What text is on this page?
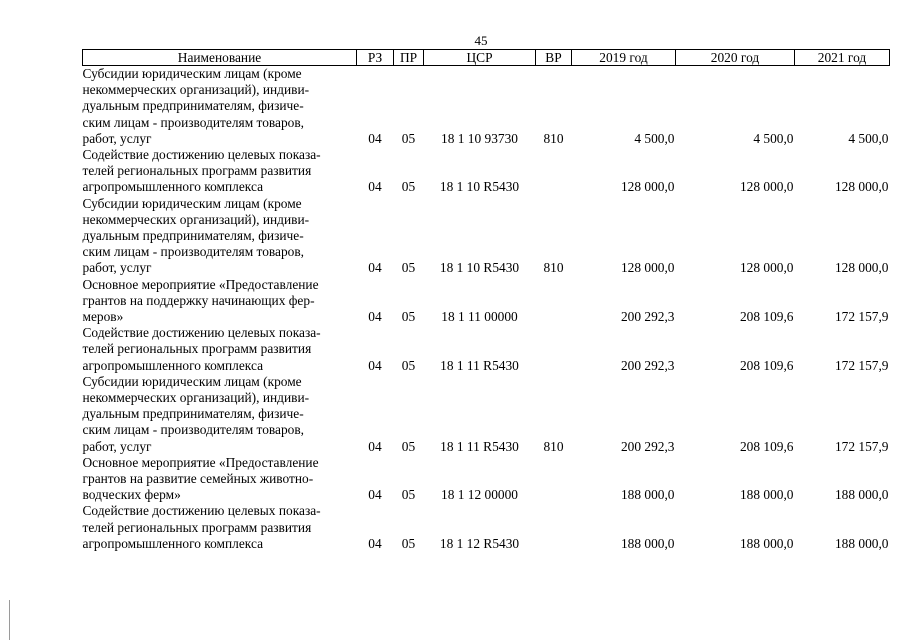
45
Наименование	РЗ	ПР	ЦСР	ВР	2019 год	2020 год	2021 год
Субсидии юридическим лицам (кроме
некоммерческих организаций), индиви-
дуальным предпринимателям, физиче-
ским лицам - производителям товаров,
работ, услуг	04	05	18 1 10 93730	810	4 500,0	4 500,0	4 500,0
Содействие достижению целевых показа-
телей региональных программ развития
агропромышленного комплекса	04	05	18 1 10 R5430		128 000,0	128 000,0	128 000,0
Субсидии юридическим лицам (кроме
некоммерческих организаций), индиви-
дуальным предпринимателям, физиче-
ским лицам - производителям товаров,
работ, услуг	04	05	18 1 10 R5430	810	128 000,0	128 000,0	128 000,0
Основное мероприятие «Предоставление
грантов на поддержку начинающих фер-
меров»	04	05	18 1 11 00000		200 292,3	208 109,6	172 157,9
Содействие достижению целевых показа-
телей региональных программ развития
агропромышленного комплекса	04	05	18 1 11 R5430		200 292,3	208 109,6	172 157,9
Субсидии юридическим лицам (кроме
некоммерческих организаций), индиви-
дуальным предпринимателям, физиче-
ским лицам - производителям товаров,
работ, услуг	04	05	18 1 11 R5430	810	200 292,3	208 109,6	172 157,9
Основное мероприятие «Предоставление
грантов на развитие семейных животно-
водческих ферм»	04	05	18 1 12 00000		188 000,0	188 000,0	188 000,0
Содействие достижению целевых показа-
телей региональных программ развития
агропромышленного комплекса	04	05	18 1 12 R5430		188 000,0	188 000,0	188 000,0
